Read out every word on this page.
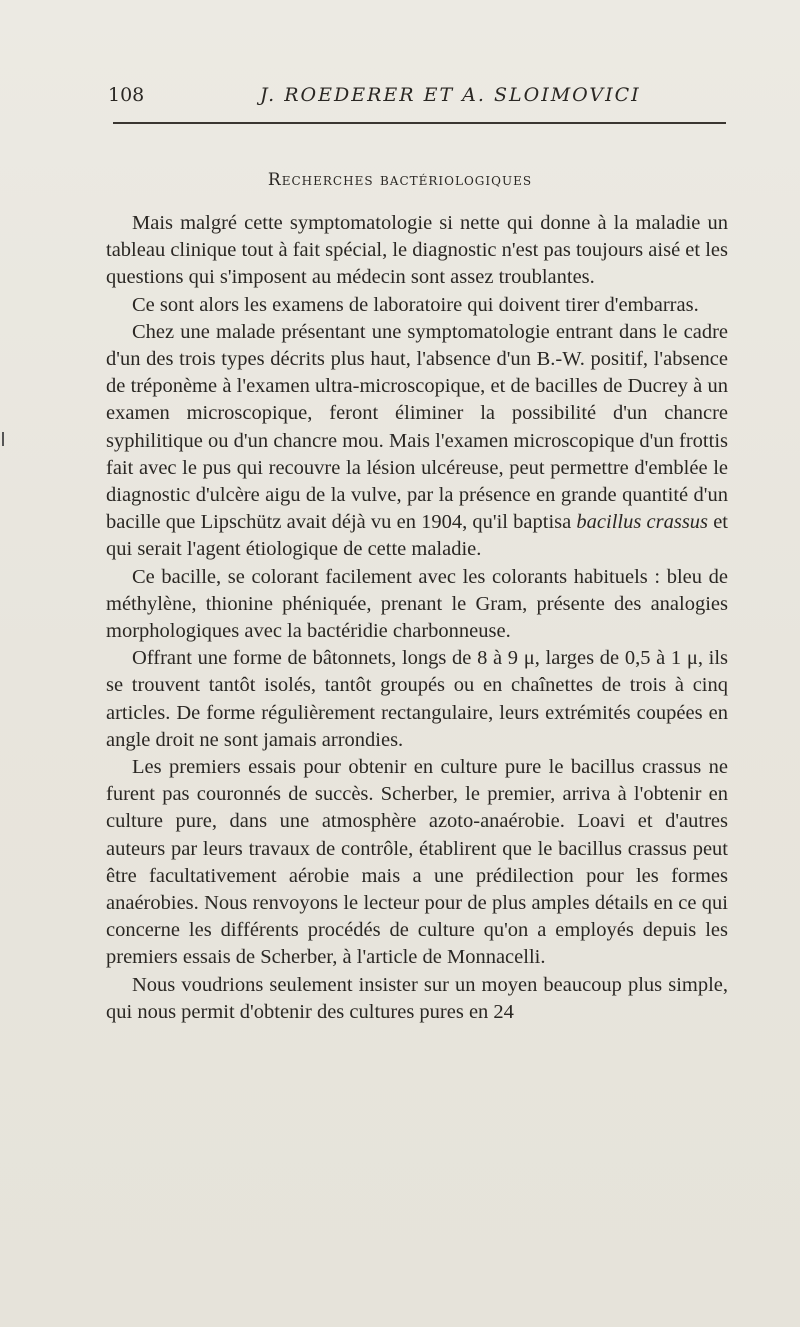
108	J. ROEDERER ET A. SLOIMOVICI
Recherches bactériologiques

Mais malgré cette symptomatologie si nette qui donne à la maladie un tableau clinique tout à fait spécial, le diagnostic n'est pas toujours aisé et les questions qui s'imposent au médecin sont assez troublantes.

Ce sont alors les examens de laboratoire qui doivent tirer d'embarras.

Chez une malade présentant une symptomatologie entrant dans le cadre d'un des trois types décrits plus haut, l'absence d'un B.-W. positif, l'absence de tréponème à l'examen ultra-microscopique, et de bacilles de Ducrey à un examen microscopique, feront éliminer la possibilité d'un chancre syphilitique ou d'un chancre mou. Mais l'examen microscopique d'un frottis fait avec le pus qui recouvre la lésion ulcéreuse, peut permettre d'emblée le diagnostic d'ulcère aigu de la vulve, par la présence en grande quantité d'un bacille que Lipschütz avait déjà vu en 1904, qu'il baptisa bacillus crassus et qui serait l'agent étiologique de cette maladie.

Ce bacille, se colorant facilement avec les colorants habituels : bleu de méthylène, thionine phéniquée, prenant le Gram, présente des analogies morphologiques avec la bactéridie charbonneuse.

Offrant une forme de bâtonnets, longs de 8 à 9 μ, larges de 0,5 à 1 μ, ils se trouvent tantôt isolés, tantôt groupés ou en chaînettes de trois à cinq articles. De forme régulièrement rectangulaire, leurs extrémités coupées en angle droit ne sont jamais arrondies.

Les premiers essais pour obtenir en culture pure le bacillus crassus ne furent pas couronnés de succès. Scherber, le premier, arriva à l'obtenir en culture pure, dans une atmosphère azoto-anaérobie. Loavi et d'autres auteurs par leurs travaux de contrôle, établirent que le bacillus crassus peut être facultativement aérobie mais a une prédilection pour les formes anaérobies. Nous renvoyons le lecteur pour de plus amples détails en ce qui concerne les différents procédés de culture qu'on a employés depuis les premiers essais de Scherber, à l'article de Monnacelli.

Nous voudrions seulement insister sur un moyen beaucoup plus simple, qui nous permit d'obtenir des cultures pures en 24
